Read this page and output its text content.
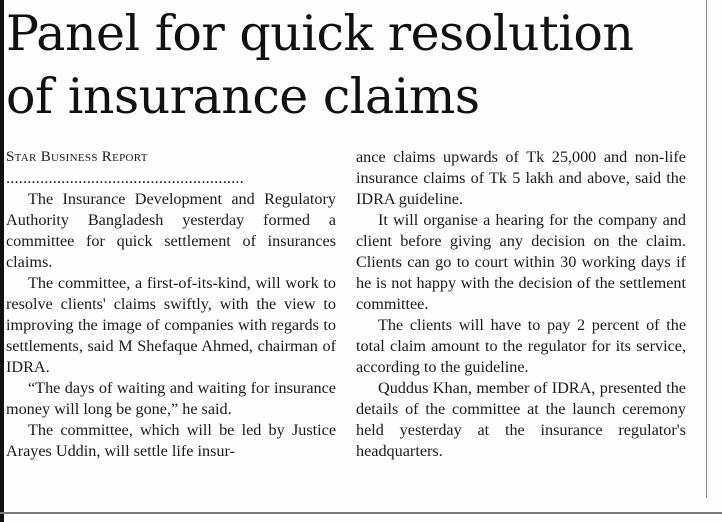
Panel for quick resolution
of insurance claims
Star Business Report
........................................................

The Insurance Development and Regulatory Authority Bangladesh yesterday formed a committee for quick settlement of insurances claims.

The committee, a first-of-its-kind, will work to resolve clients' claims swiftly, with the view to improving the image of companies with regards to settlements, said M Shefaque Ahmed, chairman of IDRA.

“The days of waiting and waiting for insurance money will long be gone,” he said.

The committee, which will be led by Justice Arayes Uddin, will settle life insur-

ance claims upwards of Tk 25,000 and non-life insurance claims of Tk 5 lakh and above, said the IDRA guideline.

It will organise a hearing for the company and client before giving any decision on the claim. Clients can go to court within 30 working days if he is not happy with the decision of the settlement committee.

The clients will have to pay 2 percent of the total claim amount to the regulator for its service, according to the guideline.

Quddus Khan, member of IDRA, presented the details of the committee at the launch ceremony held yesterday at the insurance regulator's headquarters.
